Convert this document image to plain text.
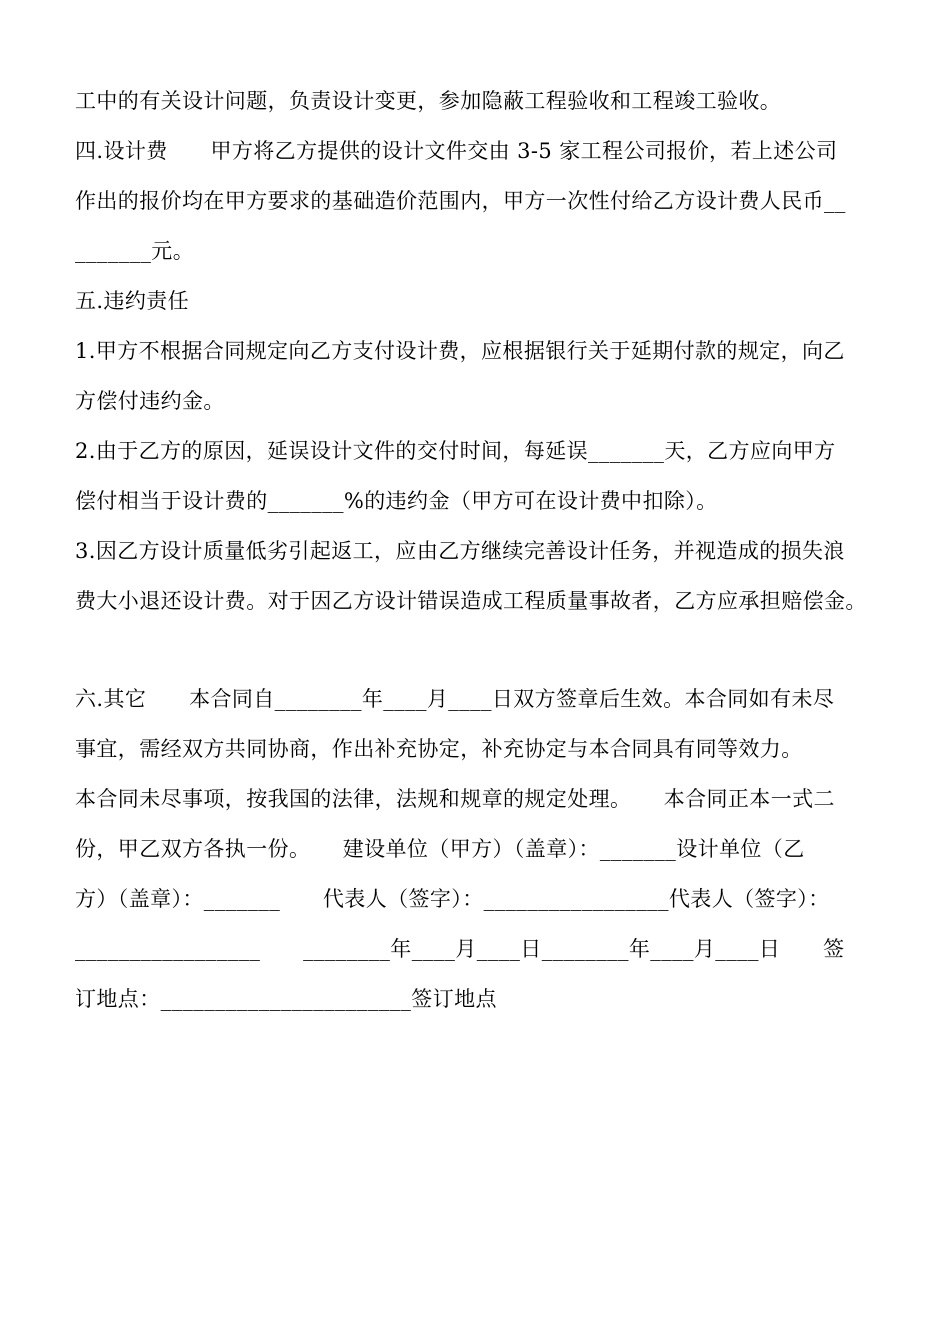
工中的有关设计问题，负责设计变更，参加隐蔽工程验收和工程竣工验收。
四.设计费　　甲方将乙方提供的设计文件交由 3-5 家工程公司报价，若上述公司
作出的报价均在甲方要求的基础造价范围内，甲方一次性付给乙方设计费人民币__
_______元。
五.违约责任
1.甲方不根据合同规定向乙方支付设计费，应根据银行关于延期付款的规定，向乙
方偿付违约金。
2.由于乙方的原因，延误设计文件的交付时间，每延误_______天，乙方应向甲方
偿付相当于设计费的_______%的违约金（甲方可在设计费中扣除）。
3.因乙方设计质量低劣引起返工，应由乙方继续完善设计任务，并视造成的损失浪
费大小退还设计费。对于因乙方设计错误造成工程质量事故者，乙方应承担赔偿金。
六.其它　　本合同自________年____月____日双方签章后生效。本合同如有未尽
事宜，需经双方共同协商，作出补充协定，补充协定与本合同具有同等效力。
本合同未尽事项，按我国的法律，法规和规章的规定处理。　　本合同正本一式二
份，甲乙双方各执一份。　　建设单位（甲方）（盖章）：_______设计单位（乙
方）（盖章）：_______　　代表人（签字）：_________________代表人（签字）：
_________________　　________年____月____日________年____月____日　　签
订地点：_______________________签订地点
